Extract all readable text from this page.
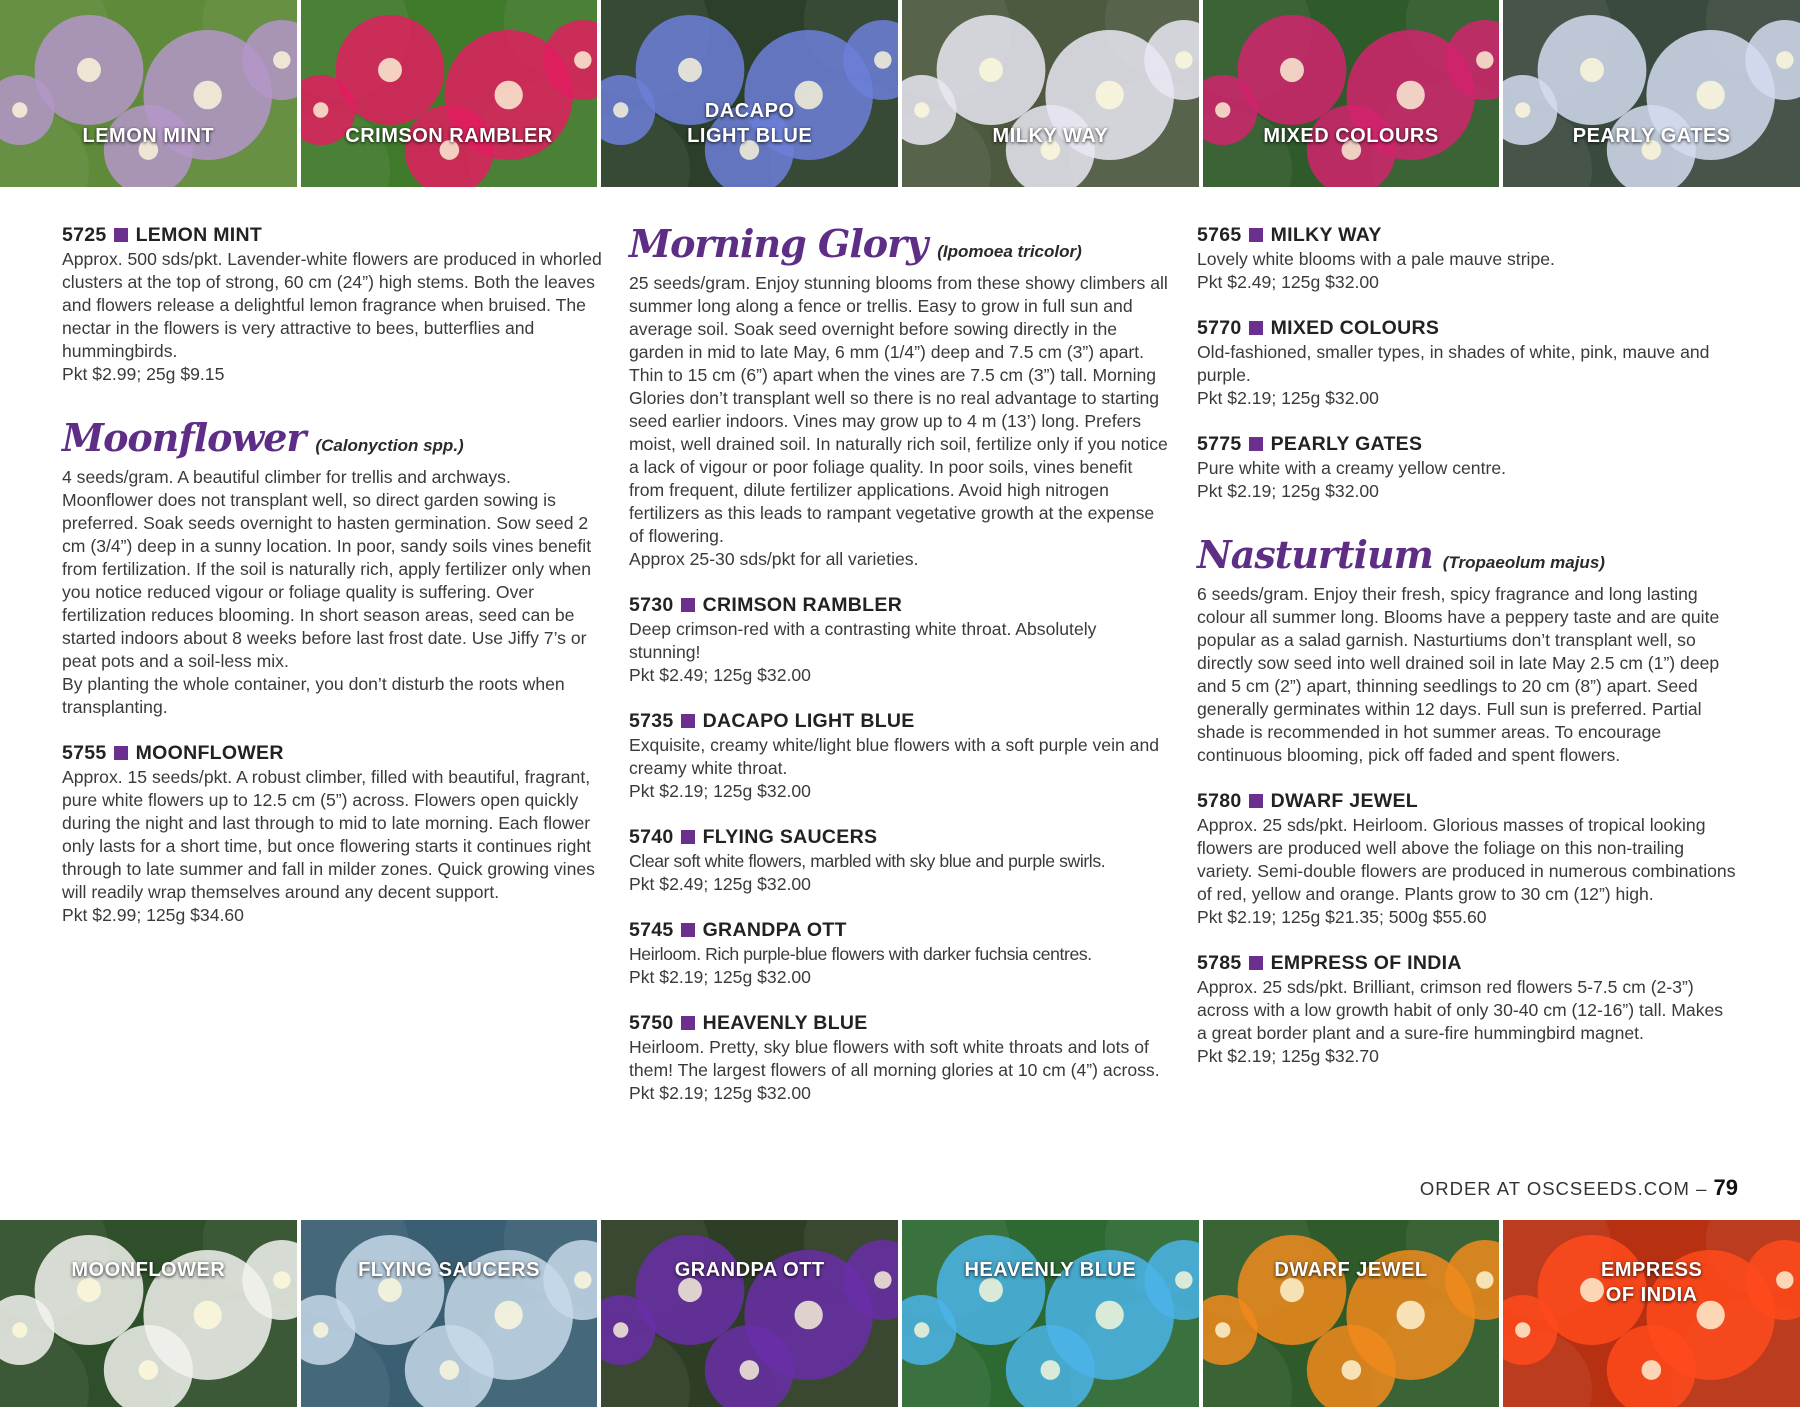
LEMON MINT	CRIMSON RAMBLER
DACAPO
LIGHT BLUE	MILKY WAY	MIXED COLOURS	PEARLY GATES
5725 LEMON MINT

Approx. 500 sds/pkt. Lavender-white flowers are produced in whorled clusters at the top of strong, 60 cm (24”) high stems. Both the leaves and flowers release a delightful lemon fragrance when bruised. The nectar in the flowers is very attractive to bees, butterflies and hummingbirds.

Pkt $2.99; 25g $9.15

Moonflower (Calonyction spp.)

4 seeds/gram. A beautiful climber for trellis and archways. Moonflower does not transplant well, so direct garden sowing is preferred. Soak seeds overnight to hasten germination. Sow seed 2 cm (3/4”) deep in a sunny location. In poor, sandy soils vines benefit from fertilization. If the soil is naturally rich, apply fertilizer only when you notice reduced vigour or foliage quality is suffering. Over fertilization reduces blooming. In short season areas, seed can be started indoors about 8 weeks before last frost date. Use Jiffy 7’s or peat pots and a soil-less mix.

By planting the whole container, you don’t disturb the roots when transplanting.

5755 MOONFLOWER

Approx. 15 seeds/pkt. A robust climber, filled with beautiful, fragrant, pure white flowers up to 12.5 cm (5”) across. Flowers open quickly during the night and last through to mid to late morning. Each flower only lasts for a short time, but once flowering starts it continues right through to late summer and fall in milder zones. Quick growing vines will readily wrap themselves around any decent support.

Pkt $2.99; 125g $34.60

Morning Glory (Ipomoea tricolor)

25 seeds/gram. Enjoy stunning blooms from these showy climbers all summer long along a fence or trellis. Easy to grow in full sun and average soil. Soak seed overnight before sowing directly in the garden in mid to late May, 6 mm (1/4”) deep and 7.5 cm (3”) apart. Thin to 15 cm (6”) apart when the vines are 7.5 cm (3”) tall. Morning Glories don’t transplant well so there is no real advantage to starting seed earlier indoors. Vines may grow up to 4 m (13’) long. Prefers moist, well drained soil. In naturally rich soil, fertilize only if you notice a lack of vigour or poor foliage quality. In poor soils, vines benefit from frequent, dilute fertilizer applications. Avoid high nitrogen fertilizers as this leads to rampant vegetative growth at the expense of flowering.

Approx 25-30 sds/pkt for all varieties.

5730 CRIMSON RAMBLER

Deep crimson-red with a contrasting white throat. Absolutely stunning!

Pkt $2.49; 125g $32.00

5735 DACAPO LIGHT BLUE

Exquisite, creamy white/light blue flowers with a soft purple vein and creamy white throat.

Pkt $2.19; 125g $32.00

5740 FLYING SAUCERS

Clear soft white flowers, marbled with sky blue and purple swirls.

Pkt $2.49; 125g $32.00

5745 GRANDPA OTT

Heirloom. Rich purple-blue flowers with darker fuchsia centres.

Pkt $2.19; 125g $32.00

5750 HEAVENLY BLUE

Heirloom. Pretty, sky blue flowers with soft white throats and lots of them! The largest flowers of all morning glories at 10 cm (4”) across.

Pkt $2.19; 125g $32.00

5765 MILKY WAY

Lovely white blooms with a pale mauve stripe.

Pkt $2.49; 125g $32.00

5770 MIXED COLOURS

Old-fashioned, smaller types, in shades of white, pink, mauve and purple.

Pkt $2.19; 125g $32.00

5775 PEARLY GATES

Pure white with a creamy yellow centre.

Pkt $2.19; 125g $32.00

Nasturtium (Tropaeolum majus)

6 seeds/gram. Enjoy their fresh, spicy fragrance and long lasting colour all summer long. Blooms have a peppery taste and are quite popular as a salad garnish. Nasturtiums don’t transplant well, so directly sow seed into well drained soil in late May 2.5 cm (1”) deep and 5 cm (2”) apart, thinning seedlings to 20 cm (8”) apart. Seed generally germinates within 12 days. Full sun is preferred. Partial shade is recommended in hot summer areas. To encourage continuous blooming, pick off faded and spent flowers.

5780 DWARF JEWEL

Approx. 25 sds/pkt. Heirloom. Glorious masses of tropical looking flowers are produced well above the foliage on this non-trailing variety. Semi-double flowers are produced in numerous combinations of red, yellow and orange. Plants grow to 30 cm (12”) high.

Pkt $2.19; 125g $21.35; 500g $55.60

5785 EMPRESS OF INDIA

Approx. 25 sds/pkt. Brilliant, crimson red flowers 5-7.5 cm (2-3”) across with a low growth habit of only 30-40 cm (12-16”) tall. Makes a great border plant and a sure-fire hummingbird magnet.

Pkt $2.19; 125g $32.70

ORDER AT OSCSEEDS.COM – 79
MOONFLOWER	FLYING SAUCERS	GRANDPA OTT	HEAVENLY BLUE	DWARF JEWEL	EMPRESS
OF INDIA
